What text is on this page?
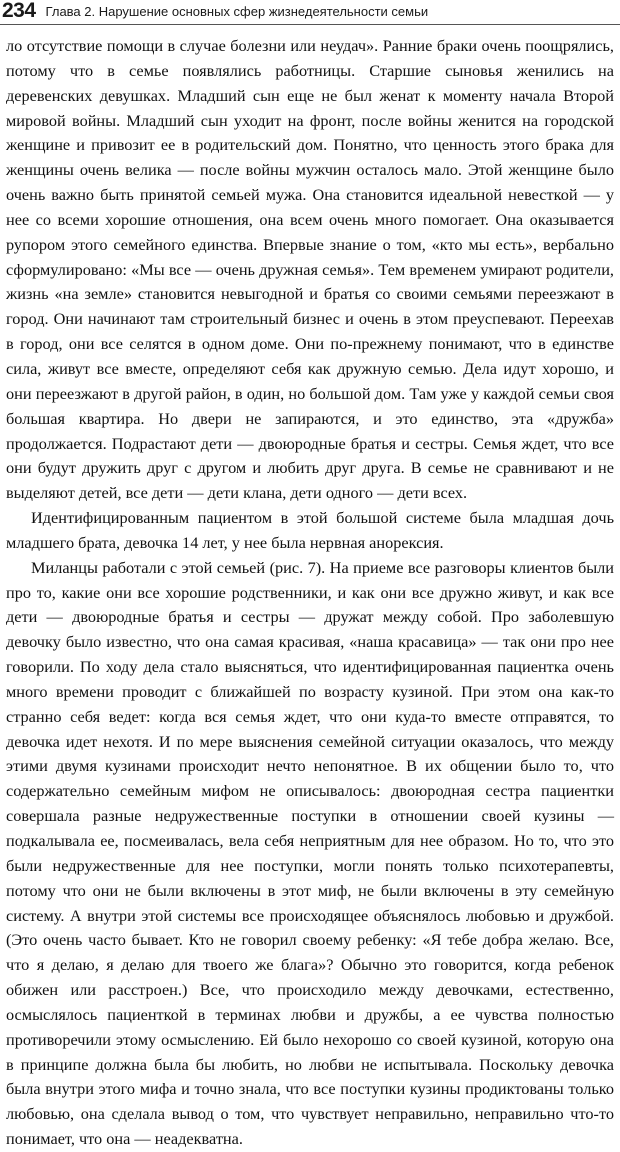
234 Глава 2. Нарушение основных сфер жизнедеятельности семьи

ло отсутствие помощи в случае болезни или неудач». Ранние браки очень поощрялись, потому что в семье появлялись работницы. Старшие сыновья женились на деревенских девушках. Младший сын еще не был женат к моменту начала Второй мировой войны. Младший сын уходит на фронт, после войны женится на городской женщине и привозит ее в родительский дом. Понятно, что ценность этого брака для женщины очень велика — после войны мужчин осталось мало. Этой женщине было очень важно быть принятой семьей мужа. Она становится идеальной невесткой — у нее со всеми хорошие отношения, она всем очень много помогает. Она оказывается рупором этого семейного единства. Впервые знание о том, «кто мы есть», вербально сформулировано: «Мы все — очень дружная семья». Тем временем умирают родители, жизнь «на земле» становится невыгодной и братья со своими семьями переезжают в город. Они начинают там строительный бизнес и очень в этом преуспевают. Переехав в город, они все селятся в одном доме. Они по-прежнему понимают, что в единстве сила, живут все вместе, определяют себя как дружную семью. Дела идут хорошо, и они переезжают в другой район, в один, но большой дом. Там уже у каждой семьи своя большая квартира. Но двери не запираются, и это единство, эта «дружба» продолжается. Подрастают дети — двоюродные братья и сестры. Семья ждет, что все они будут дружить друг с другом и любить друг друга. В семье не сравнивают и не выделяют детей, все дети — дети клана, дети одного — дети всех.

Идентифицированным пациентом в этой большой системе была младшая дочь младшего брата, девочка 14 лет, у нее была нервная анорексия.

Миланцы работали с этой семьей (рис. 7). На приеме все разговоры клиентов были про то, какие они все хорошие родственники, и как они все дружно живут, и как все дети — двоюродные братья и сестры — дружат между собой. Про заболевшую девочку было известно, что она самая красивая, «наша красавица» — так они про нее говорили. По ходу дела стало выясняться, что идентифицированная пациентка очень много времени проводит с ближайшей по возрасту кузиной. При этом она как-то странно себя ведет: когда вся семья ждет, что они куда-то вместе отправятся, то девочка идет нехотя. И по мере выяснения семейной ситуации оказалось, что между этими двумя кузинами происходит нечто непонятное. В их общении было то, что содержательно семейным мифом не описывалось: двоюродная сестра пациентки совершала разные недружественные поступки в отношении своей кузины — подкалывала ее, посмеивалась, вела себя неприятным для нее образом. Но то, что это были недружественные для нее поступки, могли понять только психотерапевты, потому что они не были включены в этот миф, не были включены в эту семейную систему. А внутри этой системы все происходящее объяснялось любовью и дружбой. (Это очень часто бывает. Кто не говорил своему ребенку: «Я тебе добра желаю. Все, что я делаю, я делаю для твоего же блага»? Обычно это говорится, когда ребенок обижен или расстроен.) Все, что происходило между девочками, естественно, осмыслялось пациенткой в терминах любви и дружбы, а ее чувства полностью противоречили этому осмыслению. Ей было нехорошо со своей кузиной, которую она в принципе должна была бы любить, но любви не испытывала. Поскольку девочка была внутри этого мифа и точно знала, что все поступки кузины продиктованы только любовью, она сделала вывод о том, что чувствует неправильно, неправильно что-то понимает, что она — неадекватна.
